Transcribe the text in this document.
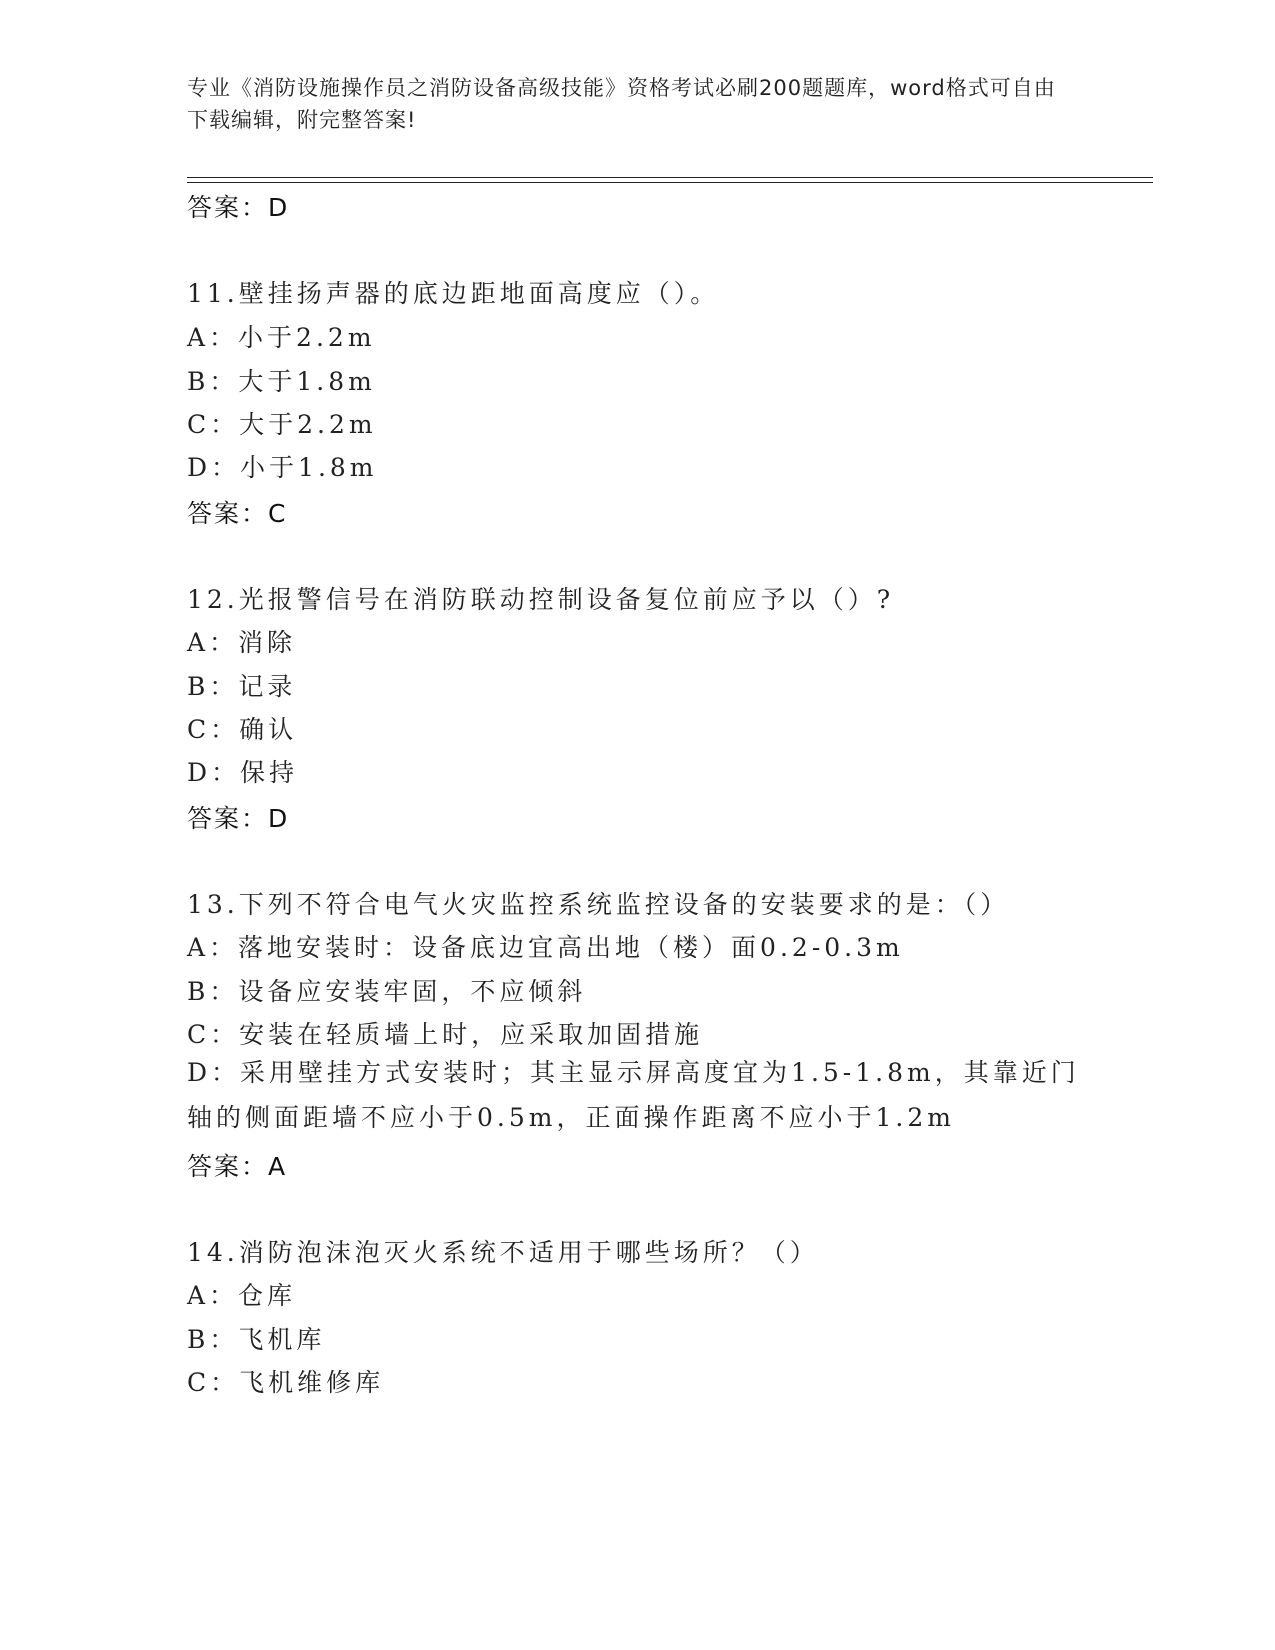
专业《消防设施操作员之消防设备高级技能》资格考试必刷200题题库，word格式可自由下载编辑，附完整答案!
答案：D
11.壁挂扬声器的底边距地面高度应（）。
A：小于2.2m
B：大于1.8m
C：大于2.2m
D：小于1.8m
答案：C
12.光报警信号在消防联动控制设备复位前应予以（）?
A：消除
B：记录
C：确认
D：保持
答案：D
13.下列不符合电气火灾监控系统监控设备的安装要求的是：（）
A：落地安装时：设备底边宜高出地（楼）面0.2-0.3m
B：设备应安装牢固，不应倾斜
C：安装在轻质墙上时，应采取加固措施
D：采用壁挂方式安装时；其主显示屏高度宜为1.5-1.8m，其靠近门轴的侧面距墙不应小于0.5m，正面操作距离不应小于1.2m
答案：A
14.消防泡沫泡灭火系统不适用于哪些场所？（）
A：仓库
B：飞机库
C：飞机维修库
